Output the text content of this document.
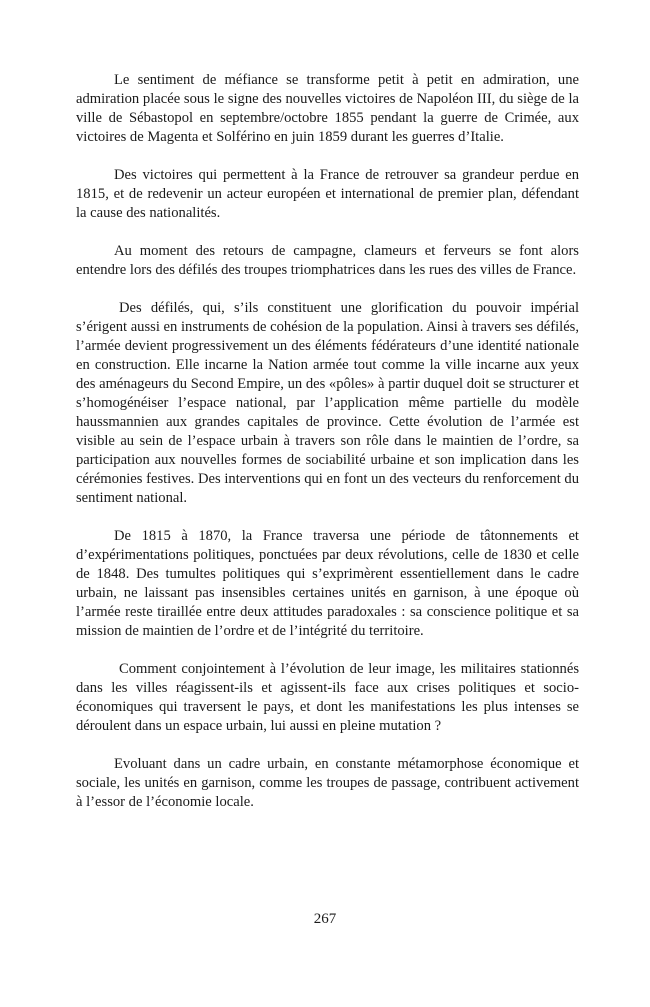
Le sentiment de méfiance se transforme petit à petit en admiration, une admiration placée sous le signe des nouvelles victoires de Napoléon III, du siège de la ville de Sébastopol en septembre/octobre 1855 pendant la guerre de Crimée, aux victoires de Magenta et Solférino en juin 1859 durant les guerres d’Italie.

Des victoires qui permettent à la France de retrouver sa grandeur perdue en 1815, et de redevenir un acteur européen et international de premier plan, défendant la cause des nationalités.

Au moment des retours de campagne, clameurs et ferveurs se font alors entendre lors des défilés des troupes triomphatrices dans les rues des villes de France.

Des défilés, qui, s’ils constituent une glorification du pouvoir impérial s’érigent aussi en instruments de cohésion de la population. Ainsi à travers ses défilés, l’armée devient progressivement un des éléments fédérateurs d’une identité nationale en construction. Elle incarne la Nation armée tout comme la ville incarne aux yeux des aménageurs du Second Empire, un des «pôles» à partir duquel doit se structurer et s’homogénéiser l’espace national, par l’application même partielle du modèle haussmannien aux grandes capitales de province. Cette évolution de l’armée est visible au sein de l’espace urbain à travers son rôle dans le maintien de l’ordre, sa participation aux nouvelles formes de sociabilité urbaine et son implication dans les cérémonies festives. Des interventions qui en font un des vecteurs du renforcement du sentiment national.

De 1815 à 1870, la France traversa une période de tâtonnements et d’expérimentations politiques, ponctuées par deux révolutions, celle de 1830 et celle de 1848. Des tumultes politiques qui s’exprimèrent essentiellement dans le cadre urbain, ne laissant pas insensibles certaines unités en garnison, à une époque où l’armée reste tiraillée entre deux attitudes paradoxales : sa conscience politique et sa mission de maintien de l’ordre et de l’intégrité du territoire.

Comment conjointement à l’évolution de leur image, les militaires stationnés dans les villes réagissent-ils et agissent-ils face aux crises politiques et socio-économiques qui traversent le pays, et dont les manifestations les plus intenses se déroulent dans un espace urbain, lui aussi en pleine mutation ?

Evoluant dans un cadre urbain, en constante métamorphose économique et sociale, les unités en garnison, comme les troupes de passage, contribuent activement à l’essor de l’économie locale.

267
